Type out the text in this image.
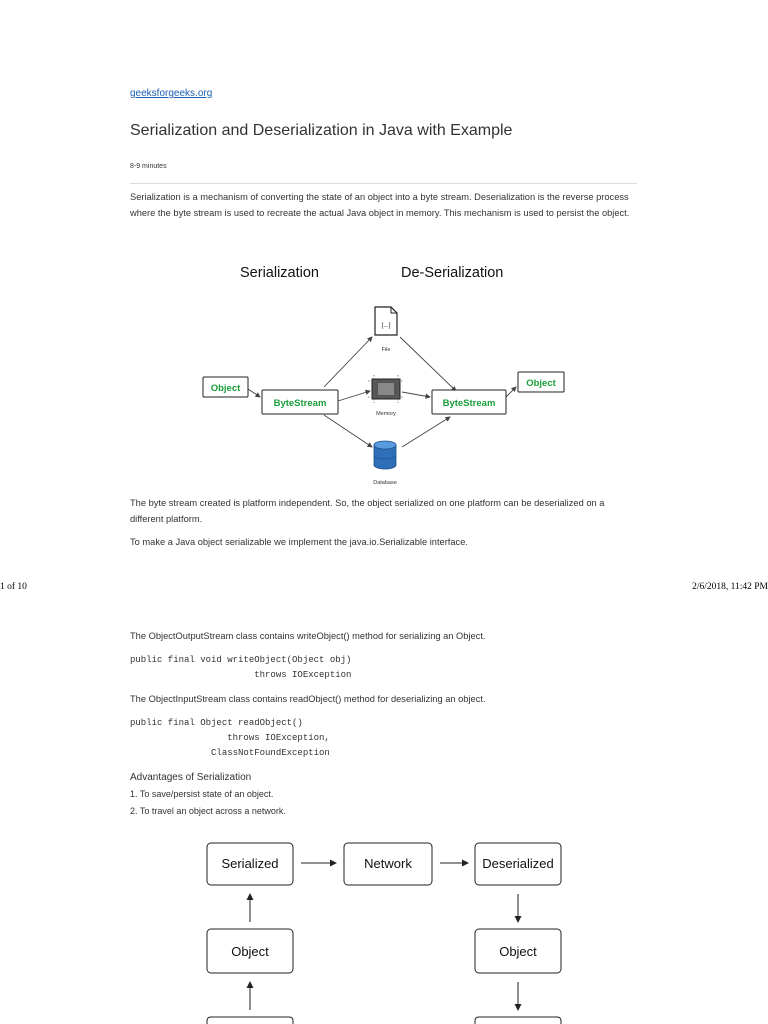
geeksforgeeks.org
Serialization and Deserialization in Java with Example
8-9 minutes

Serialization is a mechanism of converting the state of an object into a byte stream. Deserialization is the reverse process where the byte stream is used to recreate the actual Java object in memory. This mechanism is used to persist the object.

Serialization	De-Serialization
Object
ByteStream	ByteStream
Object
[...]
File
Memory
Database

The byte stream created is platform independent. So, the object serialized on one platform can be deserialized on a different platform.

To make a Java object serializable we implement the java.io.Serializable interface.

1 of 10	2/6/2018, 11:42 PM
The ObjectOutputStream class contains writeObject() method for serializing an Object.
public final void writeObject(Object obj)
throws IOException
The ObjectInputStream class contains readObject() method for deserializing an object.
public final Object readObject()
throws IOException,
ClassNotFoundException
Advantages of Serialization
1. To save/persist state of an object.
2. To travel an object across a network.
Serialized	Network	Deserialized
Object	Object
